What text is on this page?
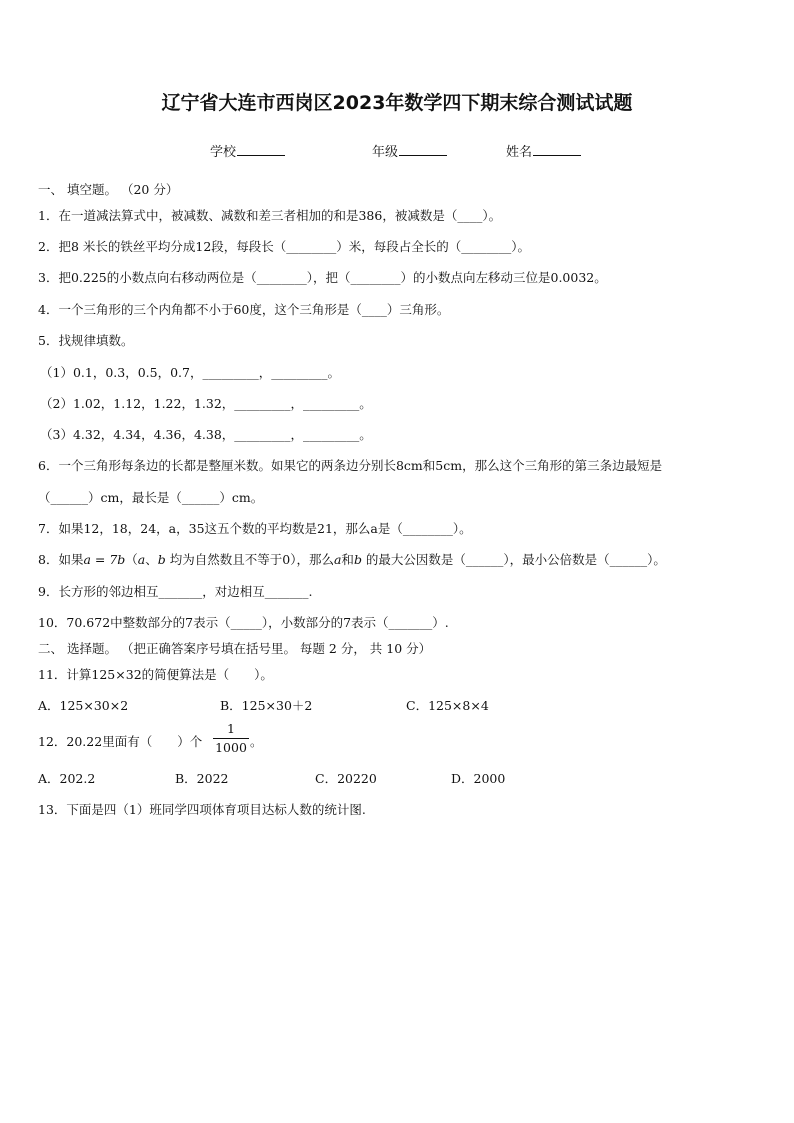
辽宁省大连市西岗区2023年数学四下期末综合测试试题
学校	年级	姓名
一、 填空题。 （20 分）
1．在一道减法算式中，被减数、减数和差三者相加的和是386，被减数是（____）。
2．把8 米长的铁丝平均分成12段，每段长（________）米，每段占全长的（________）。
3．把0.225的小数点向右移动两位是（________），把（________）的小数点向左移动三位是0.0032。
4．一个三角形的三个内角都不小于60度，这个三角形是（____）三角形。
5．找规律填数。
（1）0.1，0.3，0.5，0.7，_________，_________。
（2）1.02，1.12，1.22，1.32，_________，_________。
（3）4.32，4.34，4.36，4.38，_________，_________。
6．一个三角形每条边的长都是整厘米数。如果它的两条边分别长8cm和5cm，那么这个三角形的第三条边最短是
（______）cm，最长是（______）cm。
7．如果12，18，24，a，35这五个数的平均数是21，那么a是（________）。
8．如果a = 7b（a、b 均为自然数且不等于0），那么a和b 的最大公因数是（______），最小公倍数是（______）。
9．长方形的邻边相互_______，对边相互_______.
10．70.672中整数部分的7表示（_____），小数部分的7表示（_______）.
二、 选择题。 （把正确答案序号填在括号里。 每题 2 分， 共 10 分）
11．计算125×32的简便算法是（　　）。
A．125×30×2	B．125×30＋2	C．125×8×4
12．20.22里面有（　　）个
1
1000 。
A．202.2	B．2022	C．20220	D．2000
13．下面是四（1）班同学四项体育项目达标人数的统计图.
